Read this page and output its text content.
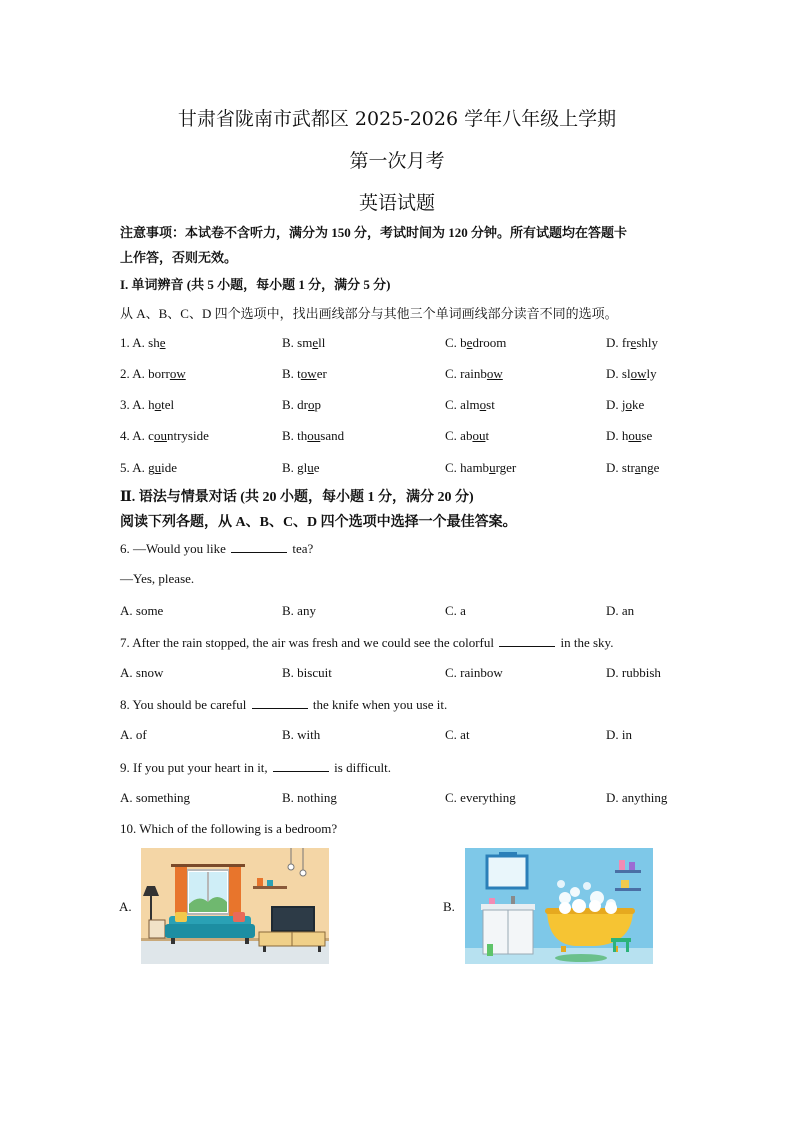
甘肃省陇南市武都区 2025-2026 学年八年级上学期
第一次月考
英语试题
注意事项：本试卷不含听力，满分为 150 分，考试时间为 120 分钟。所有试题均在答题卡
上作答，否则无效。
I. 单词辨音 (共 5 小题，每小题 1 分，满分 5 分)
从 A、B、C、D 四个选项中，找出画线部分与其他三个单词画线部分读音不同的选项。
1. A. she	B. smell	C. bedroom	D. freshly
2. A. borrow	B. tower	C. rainbow	D. slowly
3. A. hotel	B. drop	C. almost	D. joke
4. A. countryside	B. thousand	C. about	D. house
5. A. guide	B. glue	C. hamburger	D. strange
Ⅱ. 语法与情景对话 (共 20 小题，每小题 1 分，满分 20 分)
阅读下列各题，从 A、B、C、D 四个选项中选择一个最佳答案。
6. —Would you like	tea?
—Yes, please.
A. some	B. any	C. a	D. an
7. After the rain stopped, the air was fresh and we could see the colorful	in the sky.
A. snow	B. biscuit	C. rainbow	D. rubbish
8. You should be careful	the knife when you use it.
A. of	B. with	C. at	D. in
9. If you put your heart in it,	is difficult.
A. something	B. nothing	C. everything	D. anything
10. Which of the following is a bedroom?
A.	B.
